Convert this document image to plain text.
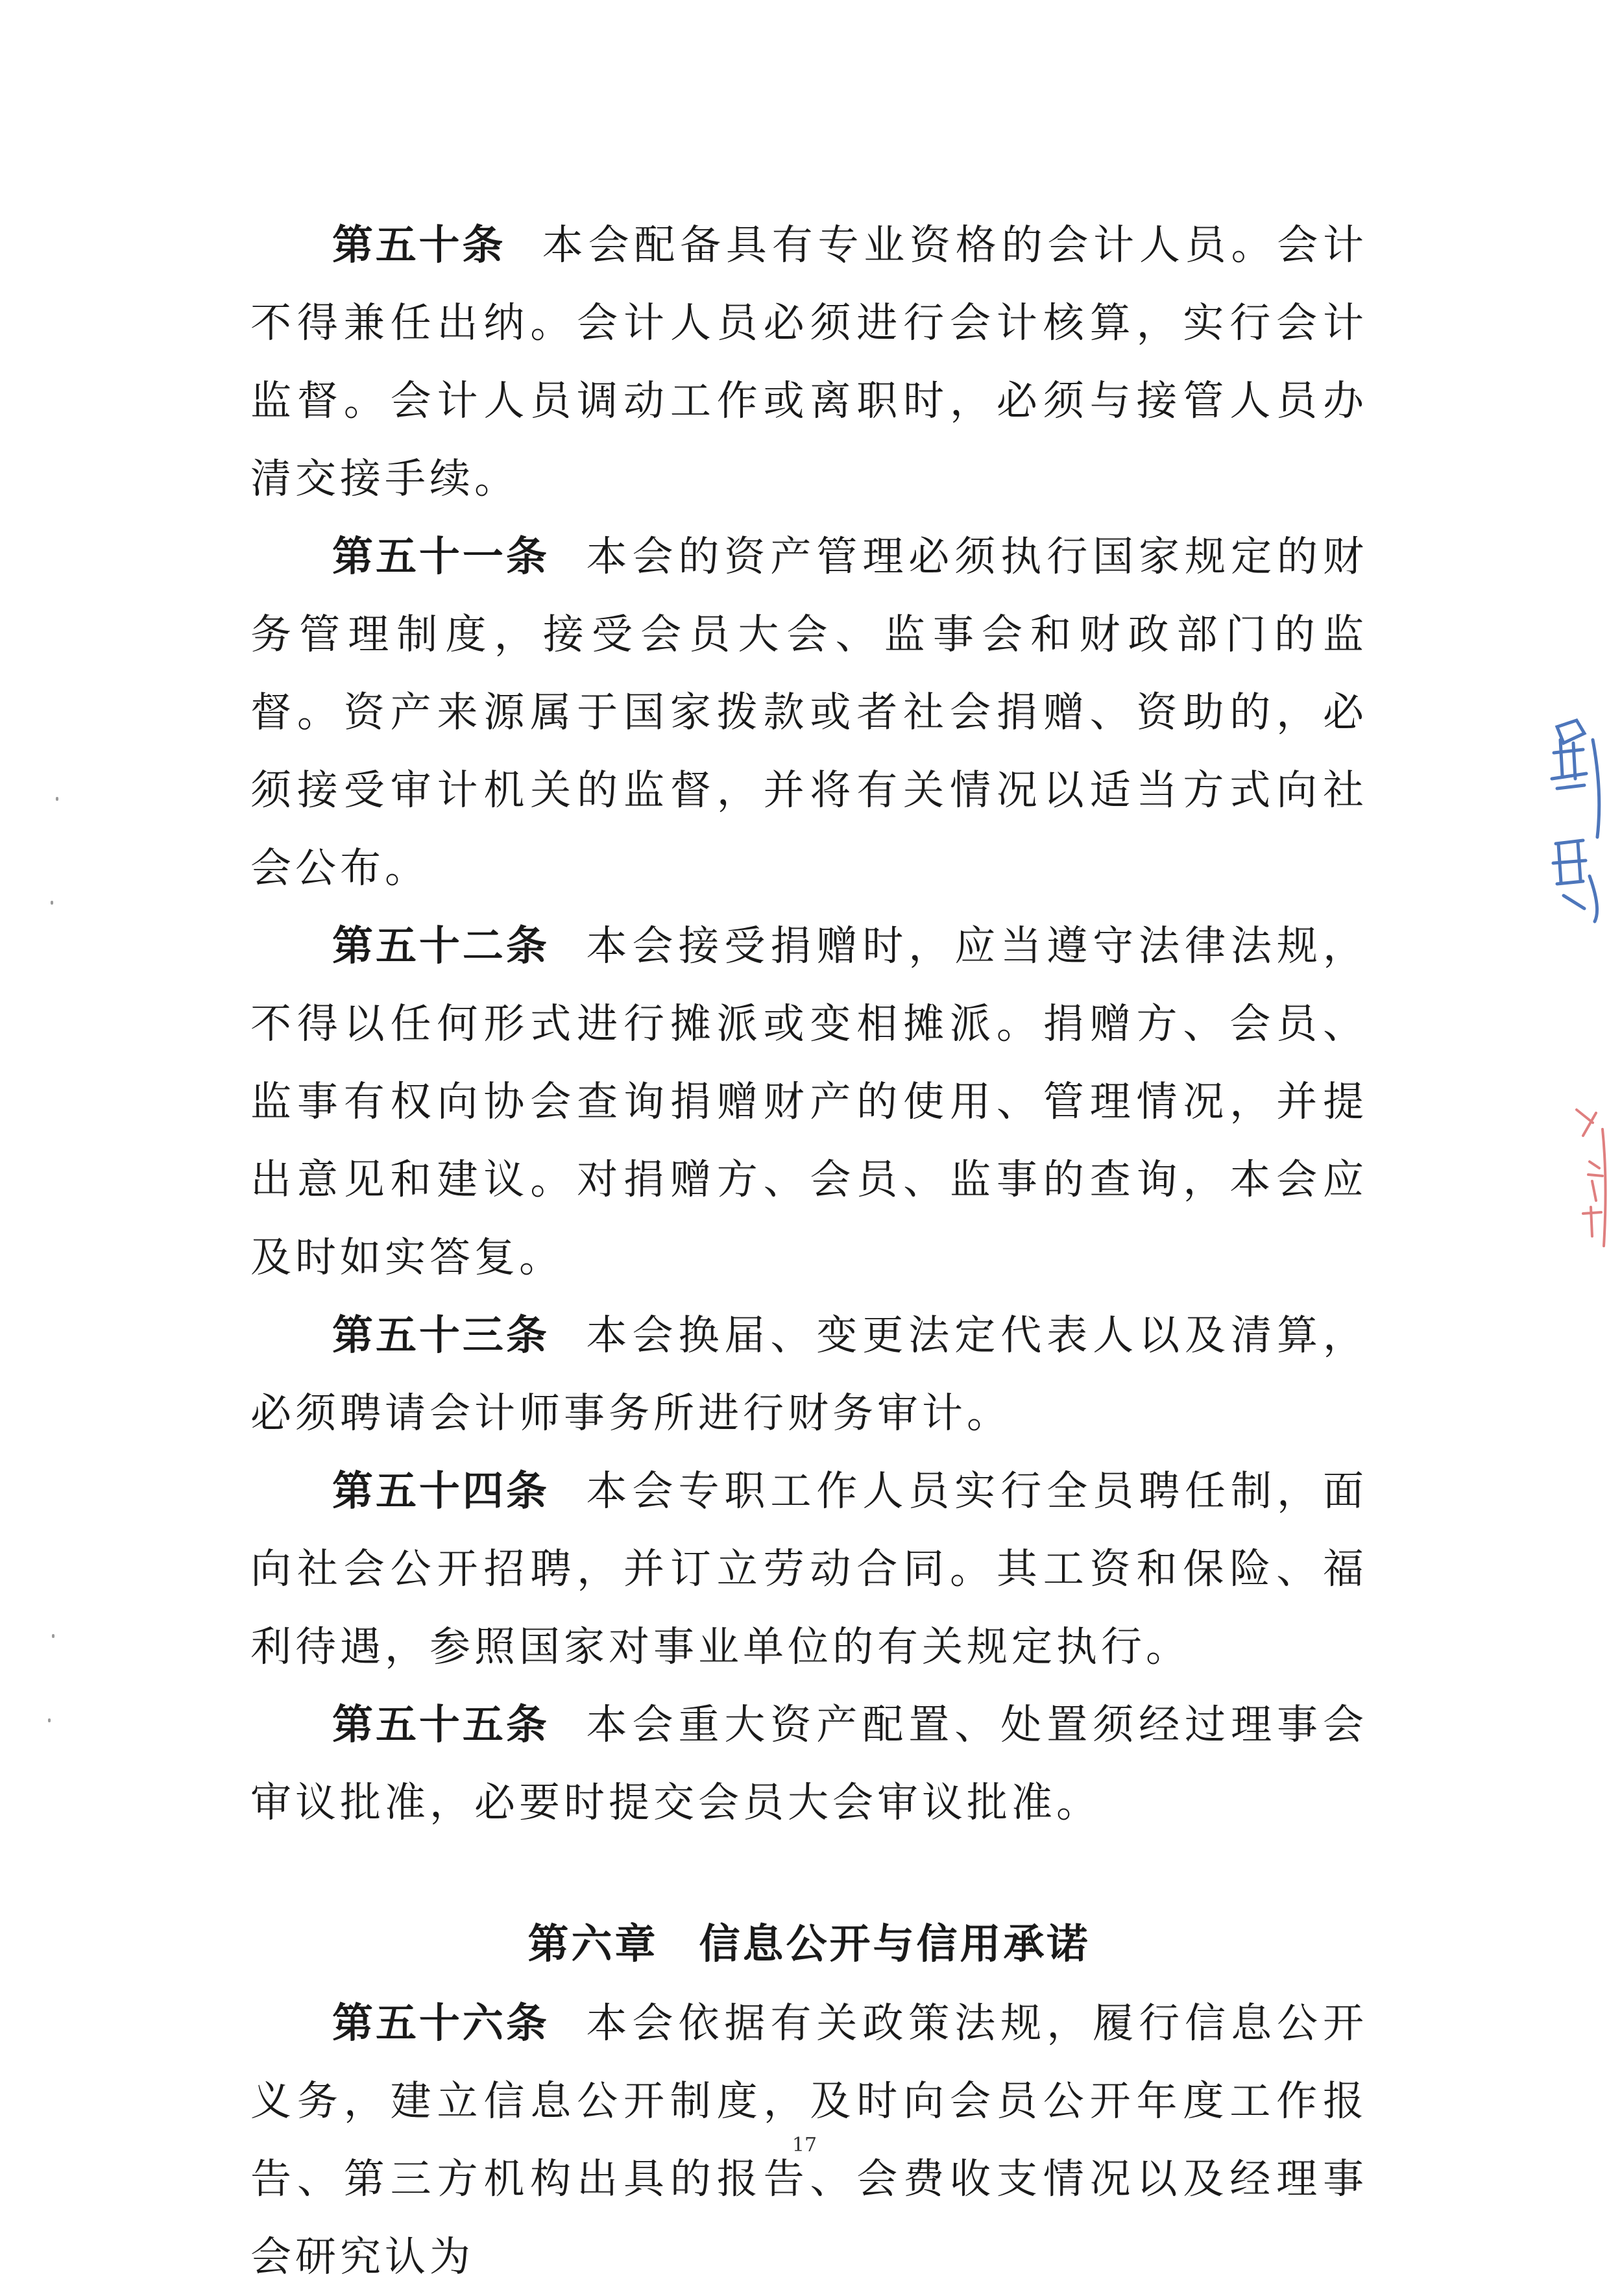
第五十条 本会配备具有专业资格的会计人员。会计不得兼任出纳。会计人员必须进行会计核算，实行会计监督。会计人员调动工作或离职时，必须与接管人员办清交接手续。

第五十一条 本会的资产管理必须执行国家规定的财务管理制度，接受会员大会、监事会和财政部门的监督。资产来源属于国家拨款或者社会捐赠、资助的，必须接受审计机关的监督，并将有关情况以适当方式向社会公布。

第五十二条 本会接受捐赠时，应当遵守法律法规，不得以任何形式进行摊派或变相摊派。捐赠方、会员、监事有权向协会查询捐赠财产的使用、管理情况，并提出意见和建议。对捐赠方、会员、监事的查询，本会应及时如实答复。

第五十三条 本会换届、变更法定代表人以及清算，必须聘请会计师事务所进行财务审计。

第五十四条 本会专职工作人员实行全员聘任制，面向社会公开招聘，并订立劳动合同。其工资和保险、福利待遇，参照国家对事业单位的有关规定执行。

第五十五条 本会重大资产配置、处置须经过理事会审议批准，必要时提交会员大会审议批准。

第六章 信息公开与信用承诺

第五十六条 本会依据有关政策法规，履行信息公开义务，建立信息公开制度，及时向会员公开年度工作报告、第三方机构出具的报告、会费收支情况以及经理事会研究认为

17
